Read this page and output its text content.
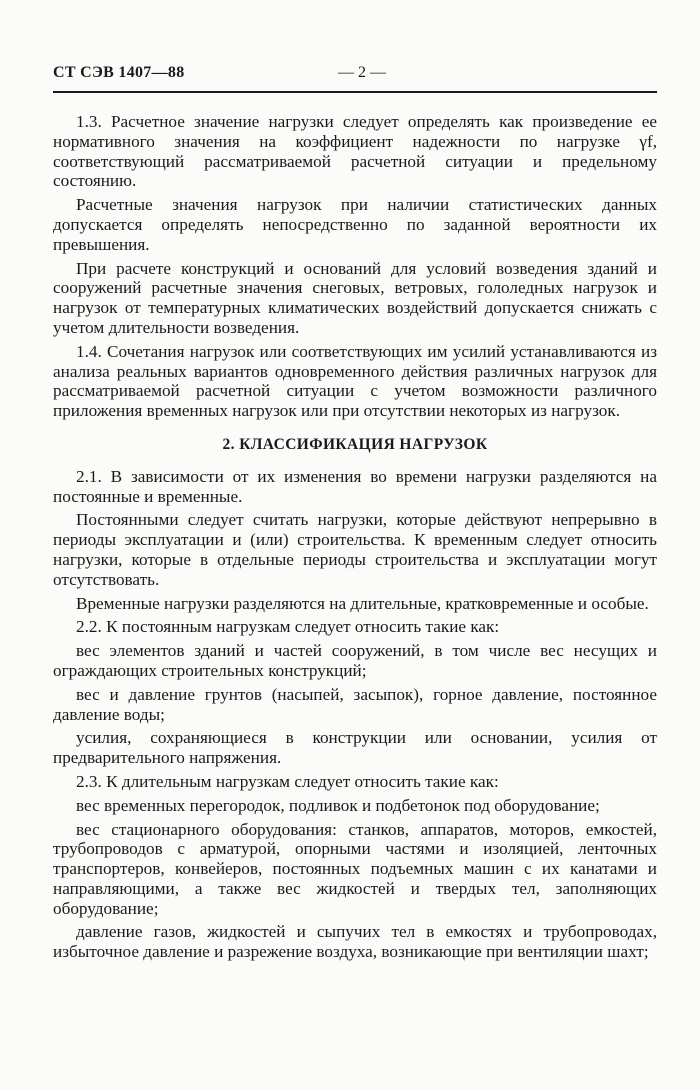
СТ СЭВ 1407—88	— 2 —

1.3. Расчетное значение нагрузки следует определять как произведение ее нормативного значения на коэффициент надежности по нагрузке γf, соответствующий рассматриваемой расчетной ситуации и предельному состоянию.

Расчетные значения нагрузок при наличии статистических данных допускается определять непосредственно по заданной вероятности их превышения.

При расчете конструкций и оснований для условий возведения зданий и сооружений расчетные значения снеговых, ветровых, гололедных нагрузок и нагрузок от температурных климатических воздействий допускается снижать с учетом длительности возведения.

1.4. Сочетания нагрузок или соответствующих им усилий устанавливаются из анализа реальных вариантов одновременного действия различных нагрузок для рассматриваемой расчетной ситуации с учетом возможности различного приложения временных нагрузок или при отсутствии некоторых из нагрузок.

2. КЛАССИФИКАЦИЯ НАГРУЗОК

2.1. В зависимости от их изменения во времени нагрузки разделяются на постоянные и временные.

Постоянными следует считать нагрузки, которые действуют непрерывно в периоды эксплуатации и (или) строительства. К временным следует относить нагрузки, которые в отдельные периоды строительства и эксплуатации могут отсутствовать.

Временные нагрузки разделяются на длительные, кратковременные и особые.

2.2. К постоянным нагрузкам следует относить такие как:

вес элементов зданий и частей сооружений, в том числе вес несущих и ограждающих строительных конструкций;

вес и давление грунтов (насыпей, засыпок), горное давление, постоянное давление воды;

усилия, сохраняющиеся в конструкции или основании, усилия от предварительного напряжения.

2.3. К длительным нагрузкам следует относить такие как:

вес временных перегородок, подливок и подбетонок под оборудование;

вес стационарного оборудования: станков, аппаратов, моторов, емкостей, трубопроводов с арматурой, опорными частями и изоляцией, ленточных транспортеров, конвейеров, постоянных подъемных машин с их канатами и направляющими, а также вес жидкостей и твердых тел, заполняющих оборудование;

давление газов, жидкостей и сыпучих тел в емкостях и трубопроводах, избыточное давление и разрежение воздуха, возникающие при вентиляции шахт;
